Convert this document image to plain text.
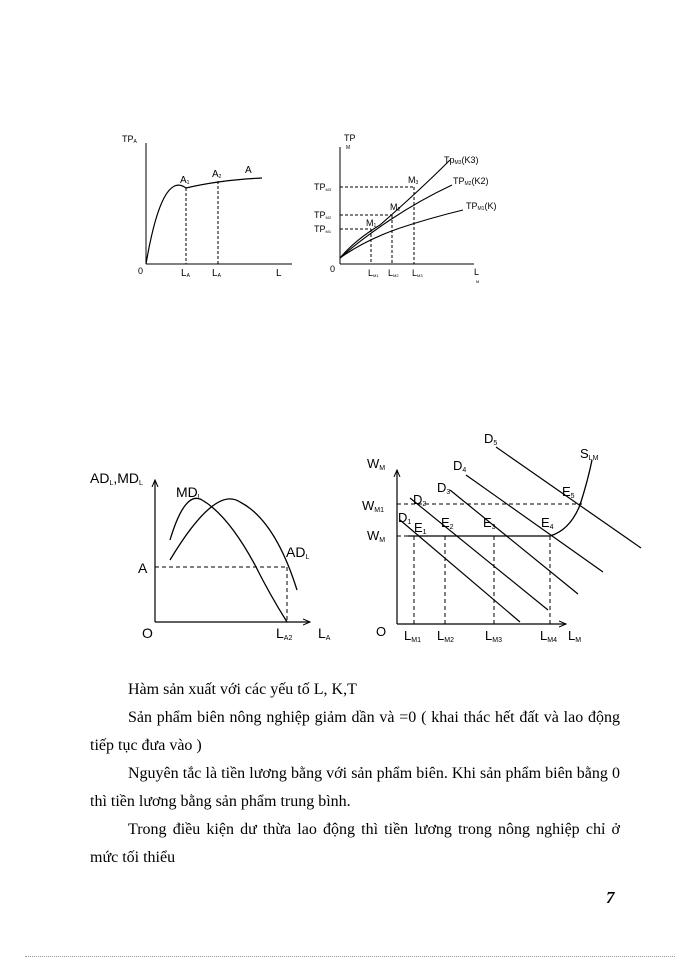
TPA
A1
A2
A
0	LA LA	L
TP
M
TpM3(K3)
TPM2(K2)
TPM1(K)
TPM3
TPM2
TPM1
M3
M2
M1
0	LM1 LM2 LM3	L
M
ADL,MDL
MDL
ADL
A
O	LA2 LA
WM
WM1
WM
D1
D2
D3
D4
D5
SLM
E1
E2 E3	E4
E5
O LM1 LM2 LM3	LM4 LM

Hàm sản xuất với các yếu tố L, K,T

Sản phẩm biên nông nghiệp giảm dần và =0 ( khai thác hết đất và lao động tiếp tục đưa vào )

Nguyên tắc là tiền lương bằng với sản phẩm biên. Khi sản phẩm biên bằng 0 thì tiền lương bằng sản phẩm trung bình.

Trong điều kiện dư thừa lao động thì tiền lương trong nông nghiệp chỉ ở mức tối thiểu

7
